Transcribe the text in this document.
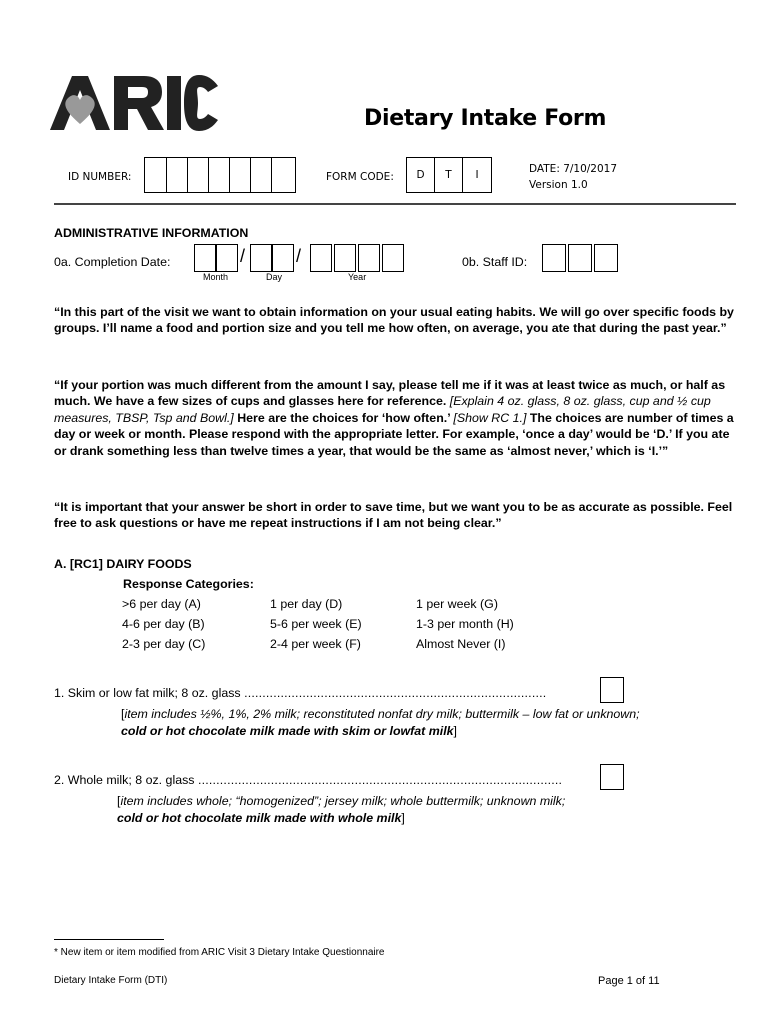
Dietary Intake Form
ID NUMBER:	FORM CODE:	D	T	I	DATE: 7/10/2017
Version 1.0
ADMINISTRATIVE INFORMATION
0a. Completion Date:	/	/
Month	Day	Year
0b. Staff ID:
“In this part of the visit we want to obtain information on your usual eating habits. We will go over specific foods by groups. I’ll name a food and portion size and you tell me how often, on average, you ate that during the past year.”
“If your portion was much different from the amount I say, please tell me if it was at least twice as much, or half as much. We have a few sizes of cups and glasses here for reference. [Explain 4 oz. glass, 8 oz. glass, cup and ½ cup measures, TBSP, Tsp and Bowl.] Here are the choices for ‘how often.’ [Show RC 1.] The choices are number of times a day or week or month. Please respond with the appropriate letter. For example, ‘once a day’ would be ‘D.’ If you ate or drank something less than twelve times a year, that would be the same as ‘almost never,’ which is ‘I.’”
“It is important that your answer be short in order to save time, but we want you to be as accurate as possible. Feel free to ask questions or have me repeat instructions if I am not being clear.”
A. [RC1] DAIRY FOODS
Response Categories:
>6 per day (A)	1 per day (D)	1 per week (G)
4-6 per day (B)	5-6 per week (E)	1-3 per month (H)
2-3 per day (C)	2-4 per week (F)	Almost Never (I)
1. Skim or low fat milk; 8 oz. glass ...................................................................................
[item includes ½%, 1%, 2% milk; reconstituted nonfat dry milk; buttermilk – low fat or unknown;
cold or hot chocolate milk made with skim or lowfat milk]
2. Whole milk; 8 oz. glass ....................................................................................................
[item includes whole; “homogenized”; jersey milk; whole buttermilk; unknown milk;
cold or hot chocolate milk made with whole milk]
* New item or item modified from ARIC Visit 3 Dietary Intake Questionnaire
Dietary Intake Form (DTI)	Page 1 of 11
